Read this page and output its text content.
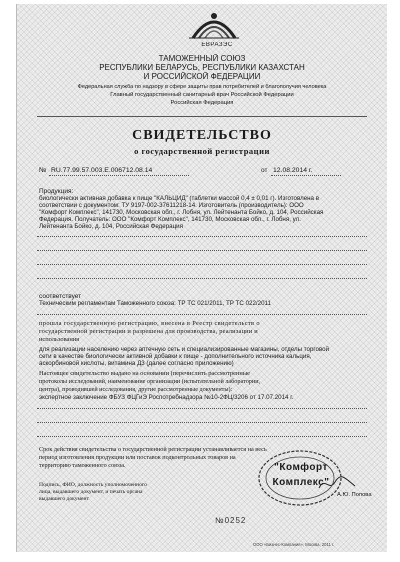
ЕВРАЗЭС
ТАМОЖЕННЫЙ СОЮЗ
РЕСПУБЛИКИ БЕЛАРУСЬ, РЕСПУБЛИКИ КАЗАХСТАН
И РОССИЙСКОЙ ФЕДЕРАЦИИ
Федеральная служба по надзору в сфере защиты прав потребителей и благополучия человека
Главный государственный санитарный врач Российской Федерации
Российская Федерация
СВИДЕТЕЛЬСТВО
о государственной регистрации
№ RU.77.99.57.003.Е.006712.08.14	от 12.08.2014 г.
Продукция:
биологически активная добавка к пище "КАЛЬЦИД" (таблетки массой 0,4 ± 0,01 г). Изготовлена в
соответствии с документом: ТУ 9197-002-37611218-14. Изготовитель (производитель): ООО
"Комфорт Комплекс", 141730, Московская обл., г. Лобня, ул. Лейтенанта Бойко, д. 104, Российская
Федерация. Получатель: ООО "Комфорт Комплекс", 141730, Московская обл., г. Лобня, ул.
Лейтенанта Бойко, д. 104, Российская Федерация
соответствует
Техническим регламентам Таможенного союза: ТР ТС 021/2011, ТР ТС 022/2011
прошла государственную регистрацию, внесена в Реестр свидетельств о
государственной регистрации и разрешена для производства, реализации и
использования
для реализации населению через аптечную сеть и специализированные магазины, отделы торговой
сети в качестве биологически активной добавки к пище - дополнительного источника кальция,
аскорбиновой кислоты, витамина Д3 (далее согласно приложению)
Настоящее свидетельство выдано на основании (перечислить рассмотренные
протоколы исследований, наименование организации (испытательной лаборатории,
центра), проводившей исследования, другие рассмотренные документы):
экспертное заключение ФБУЗ ФЦГиЭ Роспотребнадзора №10-2ФЦ/3206 от 17.07.2014 г.
Срок действия свидетельства о государственной регистрации устанавливается на весь
период изготовления продукции или поставок подконтрольных товаров на
территорию таможенного союза.
Подпись, ФИО, должность уполномоченного
лица, выдавшего документ, и печать органа
выдавшего документ
А.Ю. Попова
"Комфорт
Комплекс"
№0252
ООО «Бизнес-Компания», Москва, 2011 г.
